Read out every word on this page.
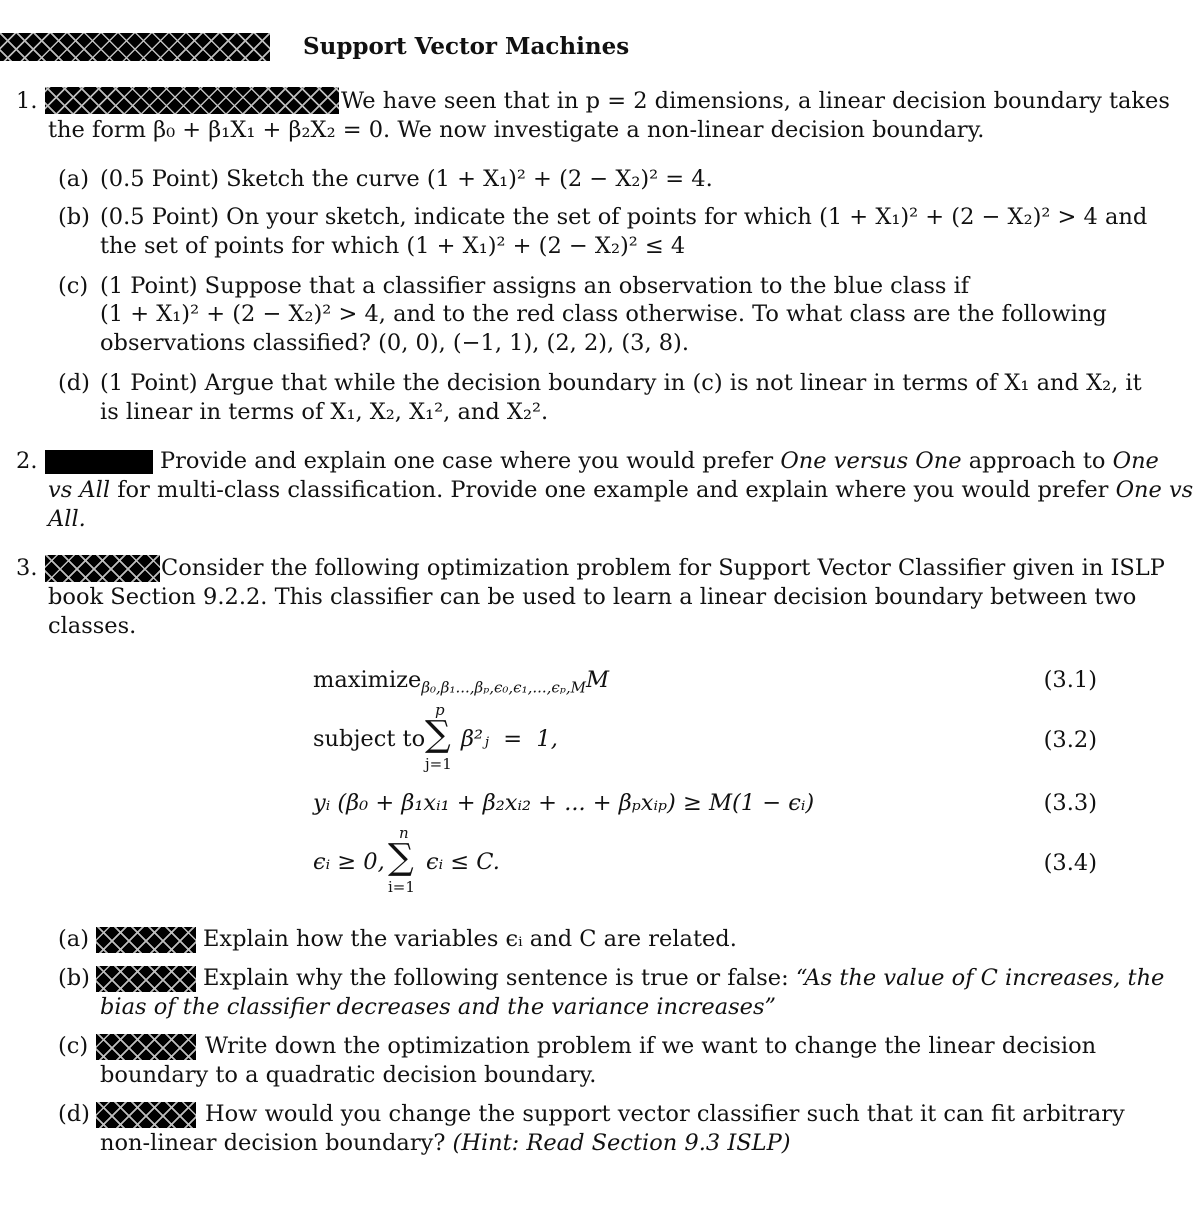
Support Vector Machines
1.	We have seen that in p = 2 dimensions, a linear decision boundary takes
the form β₀ + β₁X₁ + β₂X₂ = 0. We now investigate a non-linear decision boundary.
(a) (0.5 Point) Sketch the curve (1 + X₁)² + (2 − X₂)² = 4.
(b) (0.5 Point) On your sketch, indicate the set of points for which (1 + X₁)² + (2 − X₂)² > 4 and
the set of points for which (1 + X₁)² + (2 − X₂)² ≤ 4
(c) (1 Point) Suppose that a classifier assigns an observation to the blue class if
(1 + X₁)² + (2 − X₂)² > 4, and to the red class otherwise. To what class are the following
observations classified? (0, 0), (−1, 1), (2, 2), (3, 8).
(d) (1 Point) Argue that while the decision boundary in (c) is not linear in terms of X₁ and X₂, it
is linear in terms of X₁, X₂, X₁², and X₂².
2.	Provide and explain one case where you would prefer One versus One approach to One
vs All for multi-class classification. Provide one example and explain where you would prefer One vs
All.
3.	Consider the following optimization problem for Support Vector Classifier given in ISLP
book Section 9.2.2. This classifier can be used to learn a linear decision boundary between two
classes.
maximize$_{\beta_0,\beta_1...,\beta_p,\epsilon_0,\epsilon_1,...,\epsilon_p,M}$M	(3.1)
subject to
p
∑
j=1
β²ⱼ  =  1,	(3.2)
yᵢ (β₀ + β₁xᵢ₁ + β₂xᵢ₂ + ... + βₚxᵢₚ) ≥ M(1 − ϵᵢ)	(3.3)
ϵᵢ ≥ 0,
n
∑
i=1
ϵᵢ ≤ C.	(3.4)
(a)	Explain how the variables ϵᵢ and C are related.
(b)	Explain why the following sentence is true or false: “As the value of C increases, the
bias of the classifier decreases and the variance increases”
(c)	Write down the optimization problem if we want to change the linear decision
boundary to a quadratic decision boundary.
(d)	How would you change the support vector classifier such that it can fit arbitrary
non-linear decision boundary? (Hint: Read Section 9.3 ISLP)
